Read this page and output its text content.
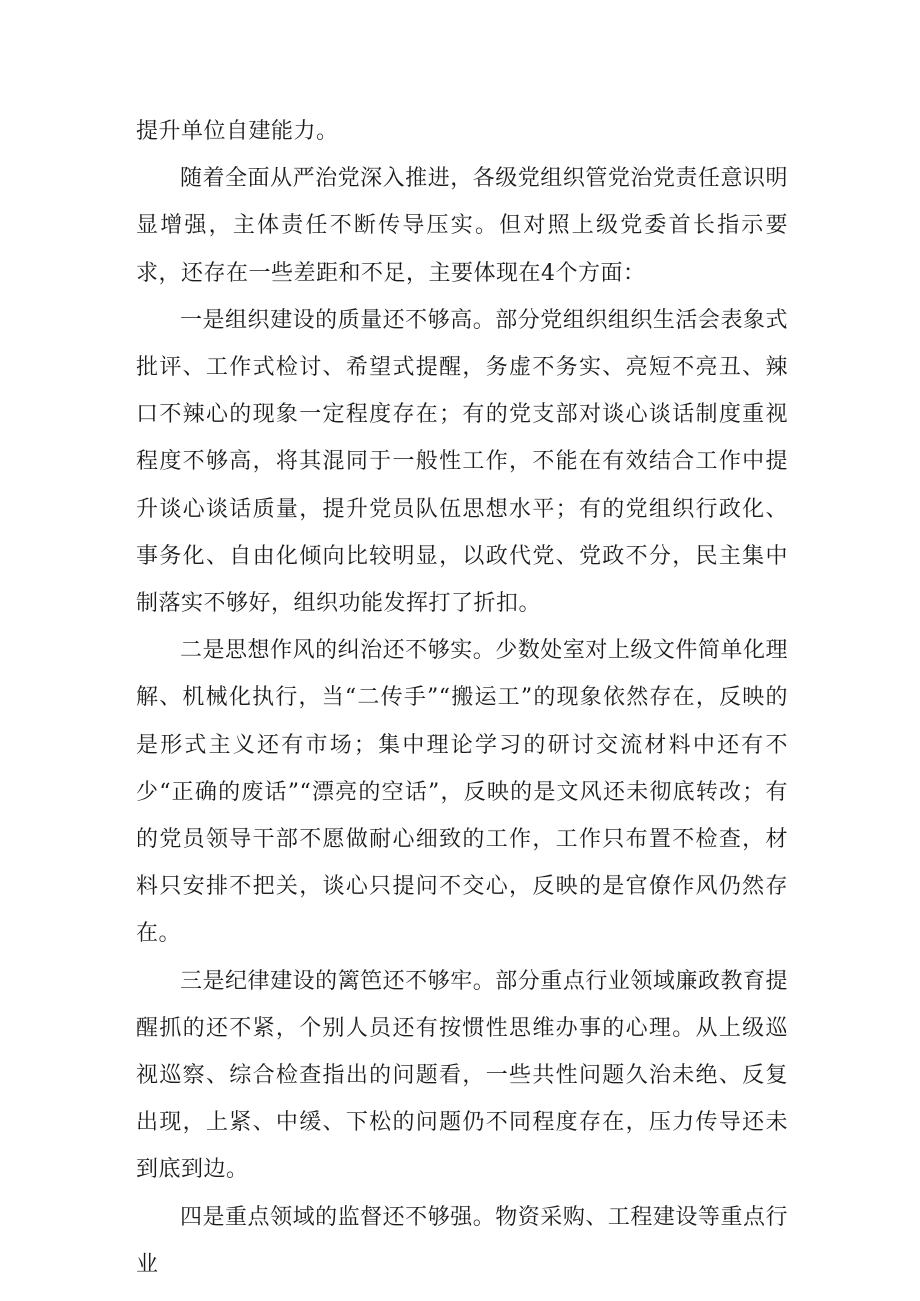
提升单位自建能力。

随着全面从严治党深入推进，各级党组织管党治党责任意识明显增强，主体责任不断传导压实。但对照上级党委首长指示要求，还存在一些差距和不足，主要体现在4个方面：

一是组织建设的质量还不够高。部分党组织组织生活会表象式批评、工作式检讨、希望式提醒，务虚不务实、亮短不亮丑、辣口不辣心的现象一定程度存在；有的党支部对谈心谈话制度重视程度不够高，将其混同于一般性工作，不能在有效结合工作中提升谈心谈话质量，提升党员队伍思想水平；有的党组织行政化、事务化、自由化倾向比较明显，以政代党、党政不分，民主集中制落实不够好，组织功能发挥打了折扣。

二是思想作风的纠治还不够实。少数处室对上级文件简单化理解、机械化执行，当“二传手”“搬运工”的现象依然存在，反映的是形式主义还有市场；集中理论学习的研讨交流材料中还有不少“正确的废话”“漂亮的空话”，反映的是文风还未彻底转改；有的党员领导干部不愿做耐心细致的工作，工作只布置不检查，材料只安排不把关，谈心只提问不交心，反映的是官僚作风仍然存在。

三是纪律建设的篱笆还不够牢。部分重点行业领域廉政教育提醒抓的还不紧，个别人员还有按惯性思维办事的心理。从上级巡视巡察、综合检查指出的问题看，一些共性问题久治未绝、反复出现，上紧、中缓、下松的问题仍不同程度存在，压力传导还未到底到边。

四是重点领域的监督还不够强。物资采购、工程建设等重点行业
